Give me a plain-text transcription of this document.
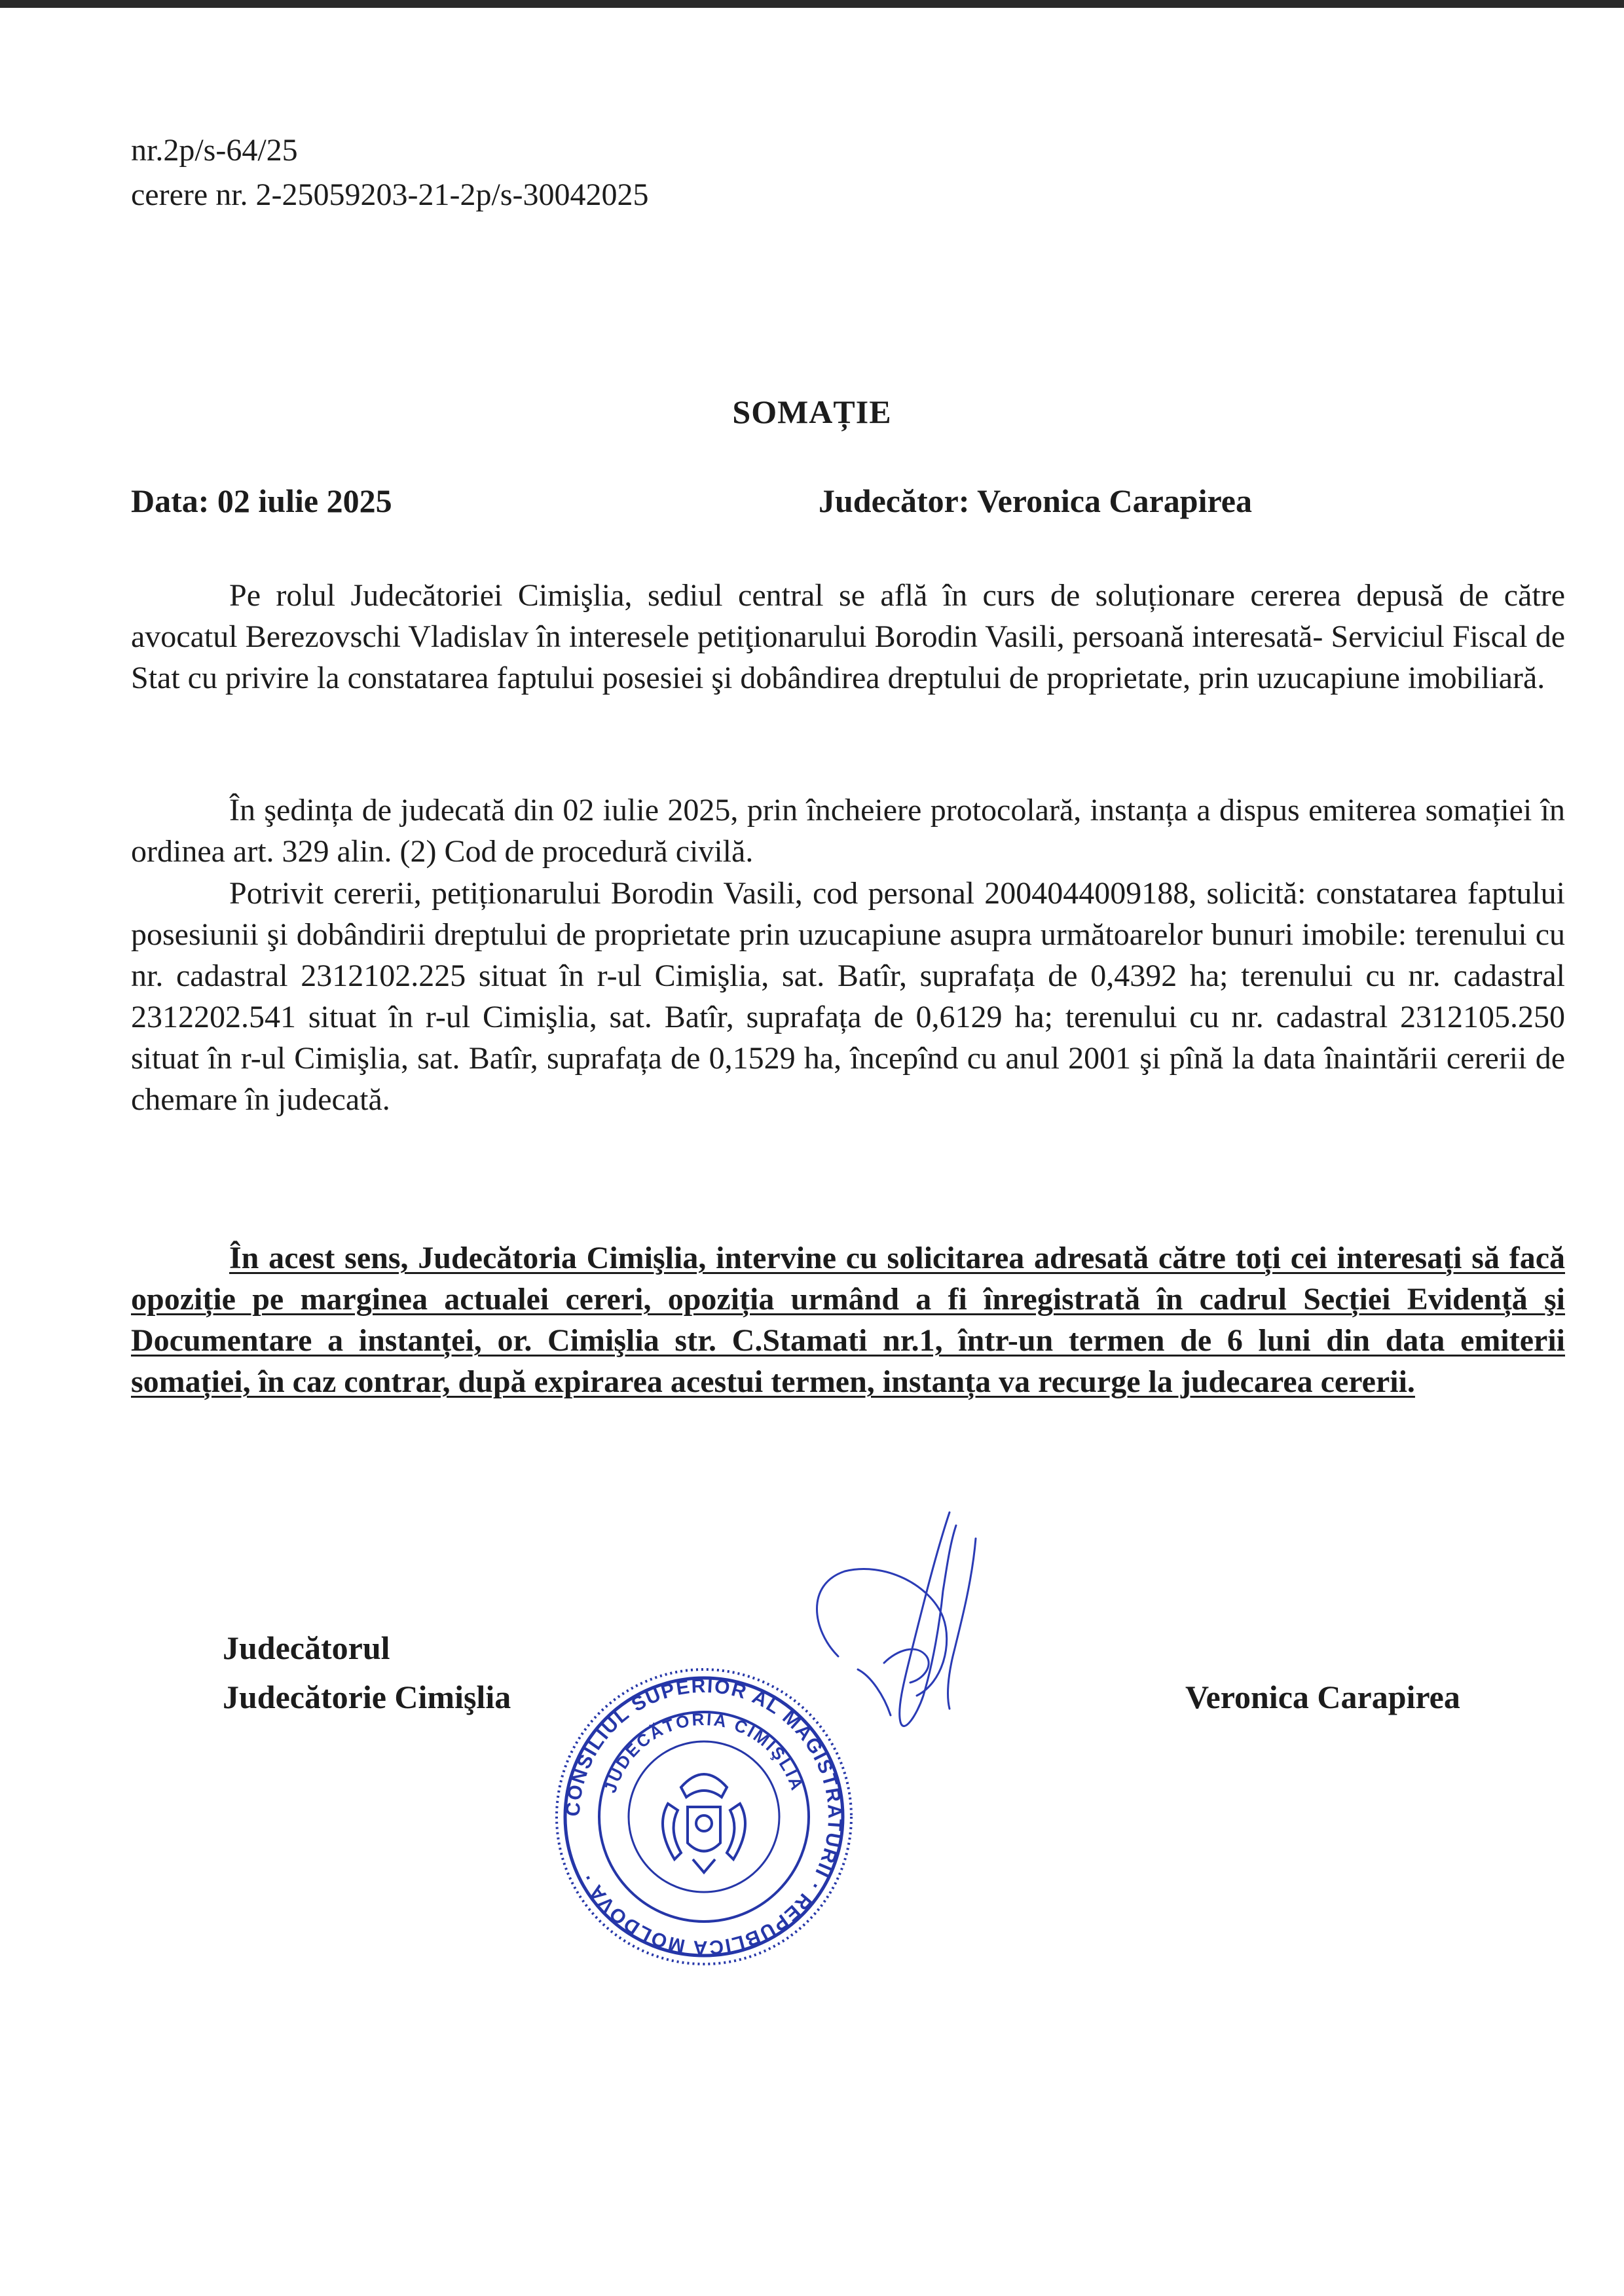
nr.2p/s-64/25
cerere nr. 2-25059203-21-2p/s-30042025
SOMAȚIE
Data: 02 iulie 2025	Judecător: Veronica Carapirea

Pe rolul Judecătoriei Cimişlia, sediul central se află în curs de soluționare cererea depusă de către avocatul Berezovschi Vladislav în interesele petiţionarului Borodin Vasili, persoană interesată- Serviciul Fiscal de Stat cu privire la constatarea faptului posesiei şi dobândirea dreptului de proprietate, prin uzucapiune imobiliară.

În şedința de judecată din 02 iulie 2025, prin încheiere protocolară, instanța a dispus emiterea somației în ordinea art. 329 alin. (2) Cod de procedură civilă.

Potrivit cererii, petiționarului Borodin Vasili, cod personal 2004044009188, solicită: constatarea faptului posesiunii şi dobândirii dreptului de proprietate prin uzucapiune asupra următoarelor bunuri imobile: terenului cu nr. cadastral 2312102.225 situat în r-ul Cimişlia, sat. Batîr, suprafața de 0,4392 ha; terenului cu nr. cadastral 2312202.541 situat în r-ul Cimişlia, sat. Batîr, suprafața de 0,6129 ha; terenului cu nr. cadastral 2312105.250 situat în r-ul Cimişlia, sat. Batîr, suprafața de 0,1529 ha, începînd cu anul 2001 şi pînă la data înaintării cererii de chemare în judecată.

În acest sens, Judecătoria Cimişlia, intervine cu solicitarea adresată către toți cei interesați să facă opoziție pe marginea actualei cereri, opoziția urmând a fi înregistrată în cadrul Secției Evidență şi Documentare a instanței, or. Cimişlia str. C.Stamati nr.1, într-un termen de 6 luni din data emiterii somației, în caz contrar, după expirarea acestui termen, instanța va recurge la judecarea cererii.

Judecătorul
Judecătorie Cimişlia	Veronica Carapirea
CONSILIUL SUPERIOR AL MAGISTRATURII · REPUBLICA MOLDOVA ·
JUDECĂTORIA CIMIŞLIA
